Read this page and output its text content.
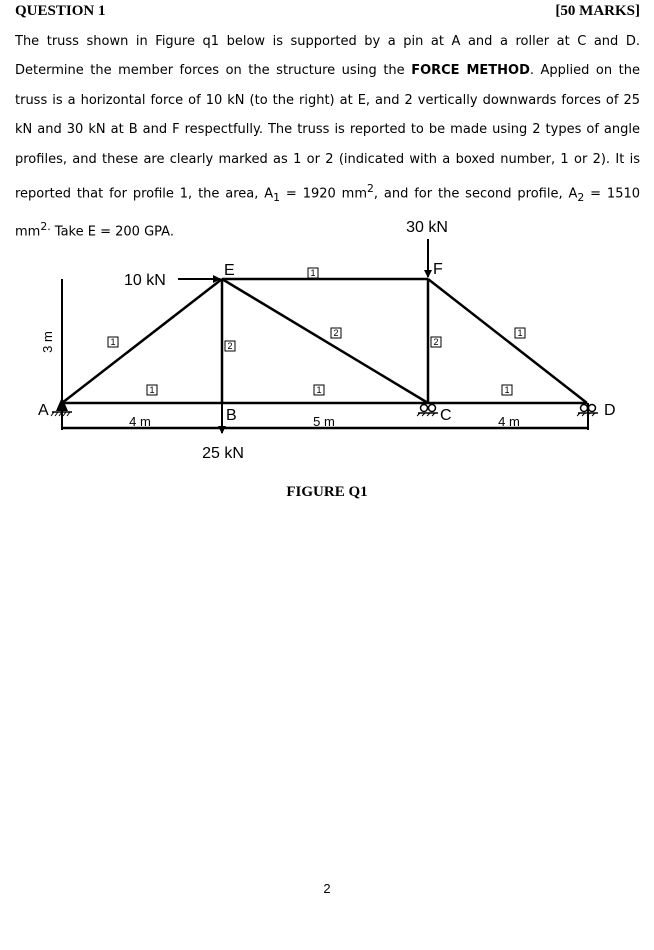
QUESTION 1	[50 MARKS]

The truss shown in Figure q1 below is supported by a pin at A and a roller at C and D. Determine the member forces on the structure using the FORCE METHOD. Applied on the truss is a horizontal force of 10 kN (to the right) at E, and 2 vertically downwards forces of 25 kN and 30 kN at B and F respectfully. The truss is reported to be made using 2 types of angle profiles, and these are clearly marked as 1 or 2 (indicated with a boxed number, 1 or 2). It is reported that for profile 1, the area, $A_1 = 1920$ $mm^2$, and for the second profile, $A_2 = 1510$ $mm^{2.}$ Take E = 200 GPA.	30 kN
10 kN
25 kN
E	F
A	B	C	D
4 m	5 m	4 m
3 m
1
2	1
1	2	2
1	1	1
FIGURE Q1
2
